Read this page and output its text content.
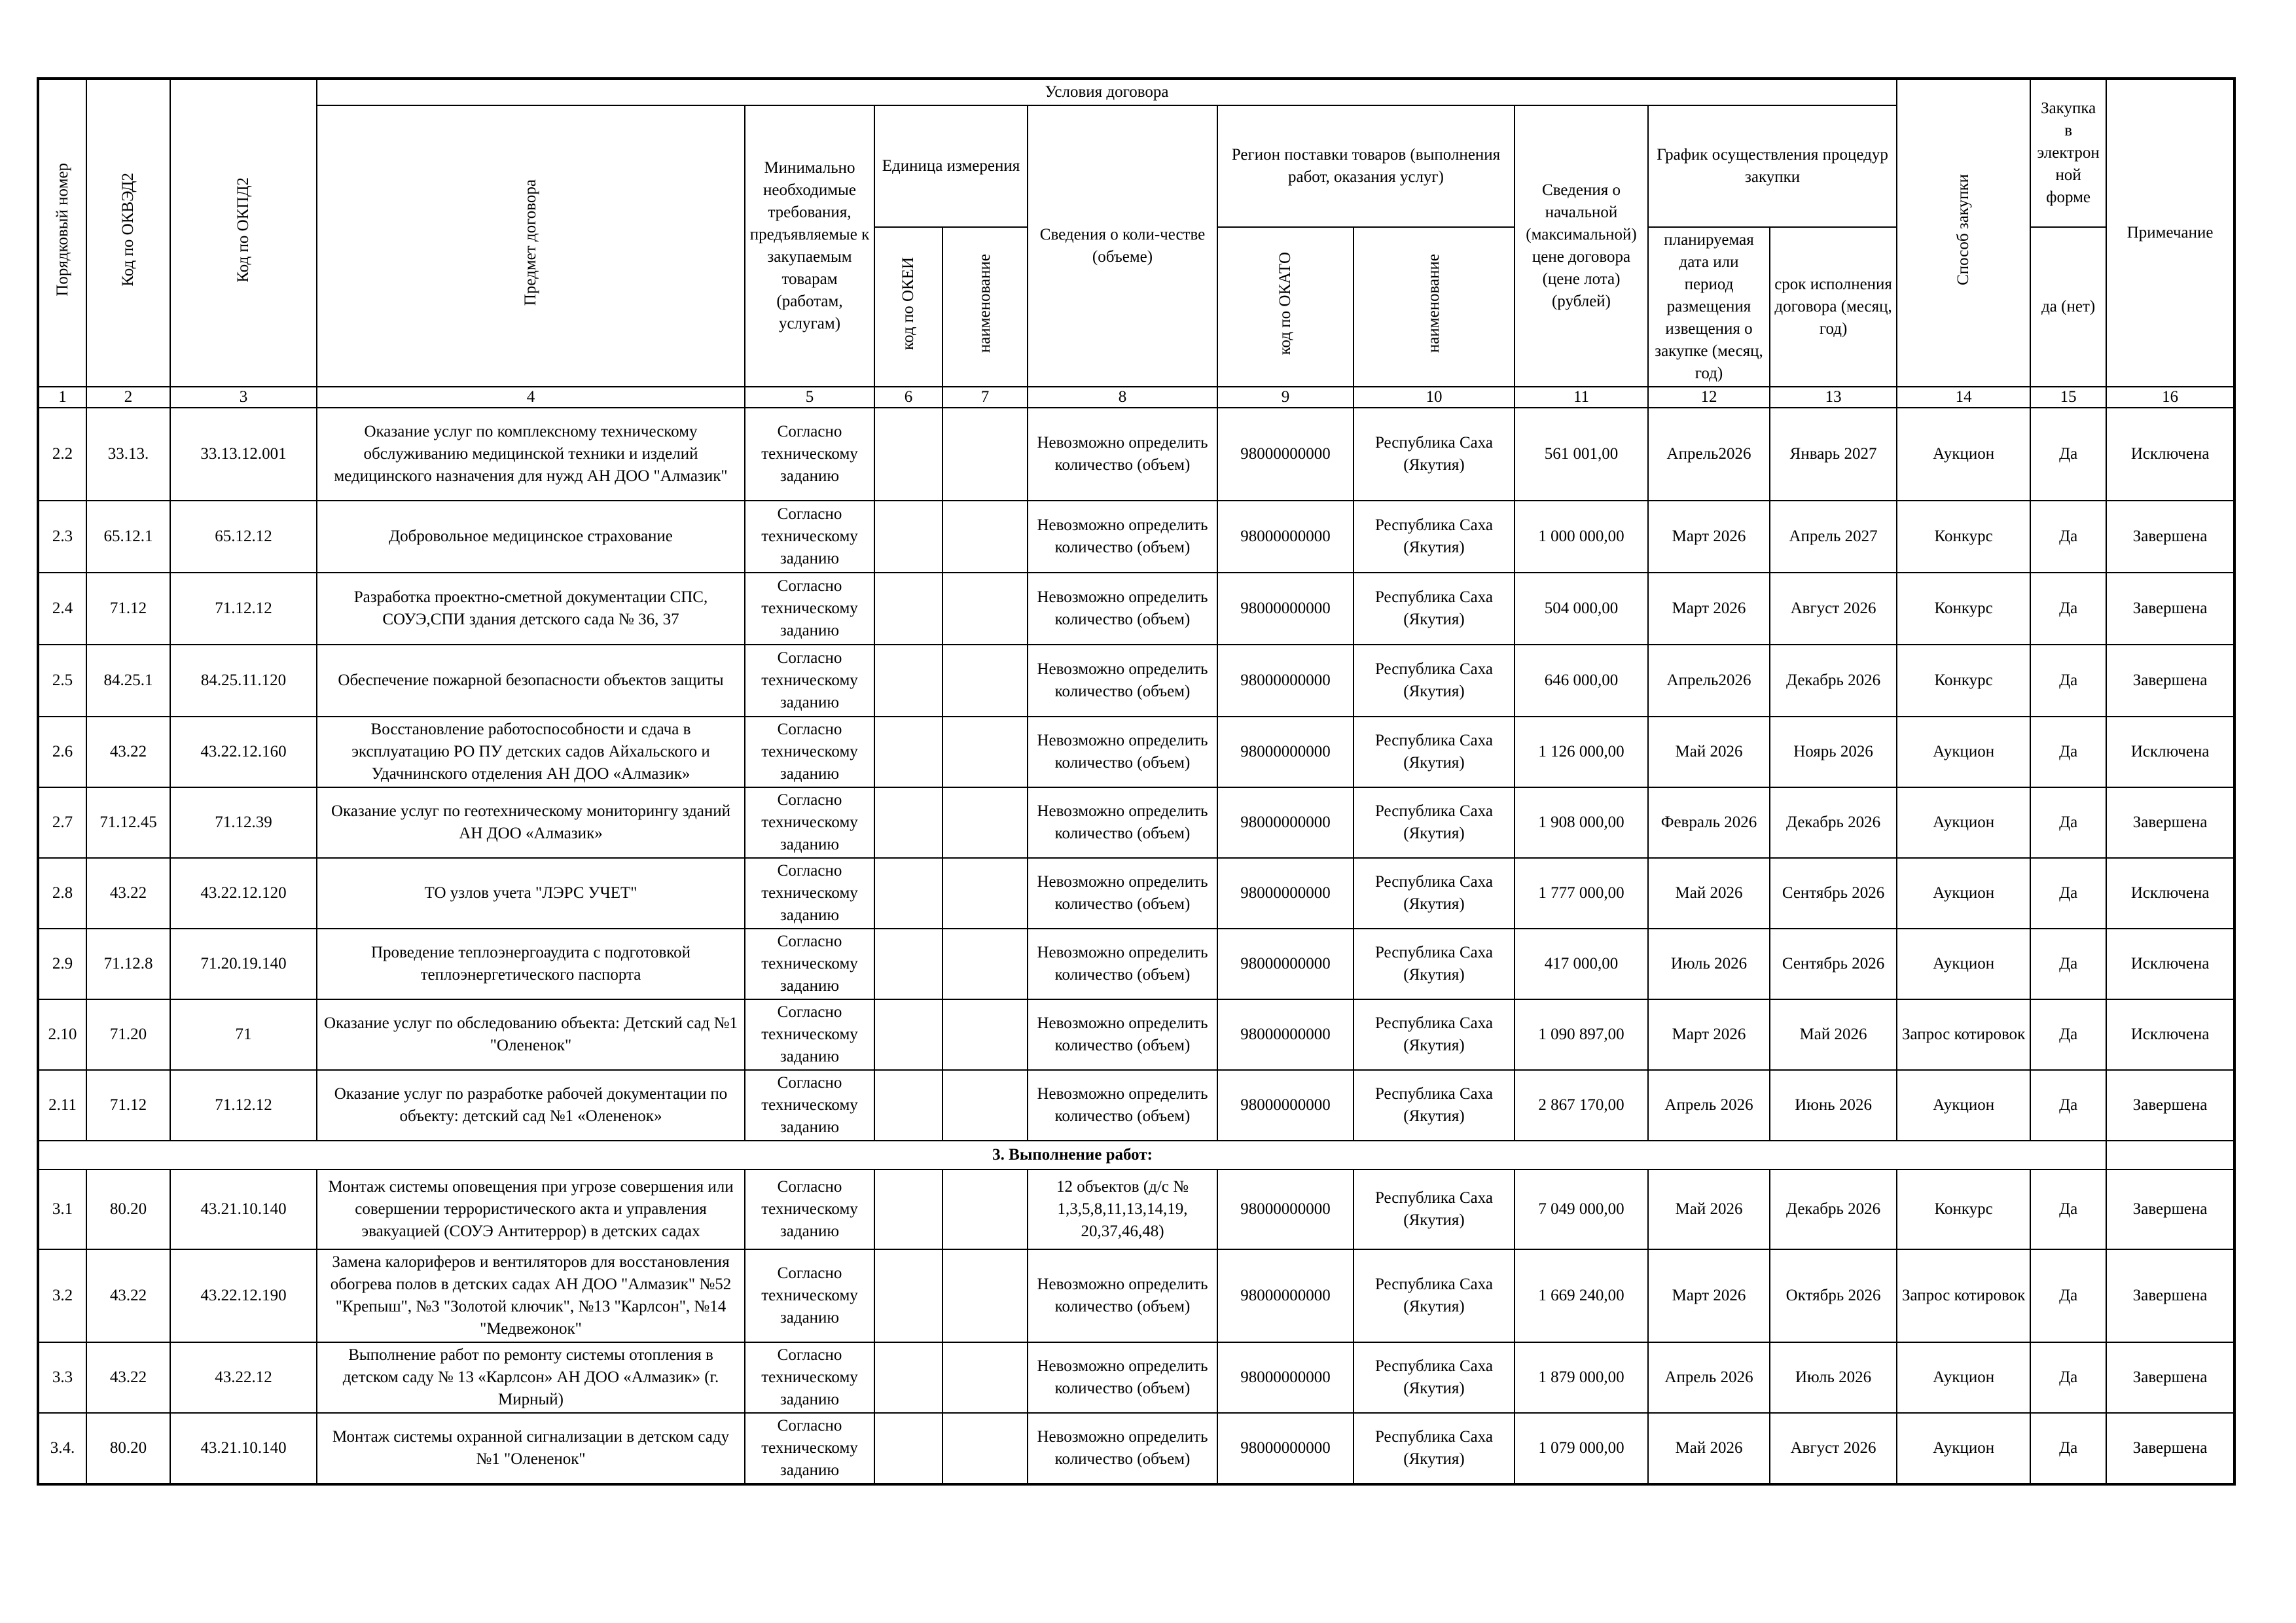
Порядковый номер	Код по ОКВЭД2	Код по ОКПД2	Условия договора										Способ закупки	Закупка в электрон ной форме	Примечание
			Предмет договора	Минимально необходимые требования, предъявляемые к закупаемым товарам (работам, услугам)	Единица измерения		Сведения о коли-честве (объеме)	Регион поставки товаров (выполнения работ, оказания услуг)		Сведения о начальной (максимальной) цене договора (цене лота) (рублей)	График осуществления процедур закупки				
					код по ОКЕИ	наименование		код по ОКАТО	наименование		планируемая дата или период размещения извещения о закупке (месяц, год)	срок исполнения договора (месяц, год)		да (нет)	

1	2	3	4	5	6	7	8	9	10	11	12	13	14	15	16
2.2	33.13.	33.13.12.001	Оказание услуг по комплексному техническому обслуживанию медицинской техники и изделий медицинского назначения для нужд АН ДОО "Алмазик"	Согласно техническому заданию			Невозможно определить количество (объем)	98000000000	Республика Саха (Якутия)	561 001,00	Апрель2026	Январь 2027	Аукцион	Да	Исключена
2.3	65.12.1	65.12.12	Добровольное медицинское страхование	Согласно техническому заданию			Невозможно определить количество (объем)	98000000000	Республика Саха (Якутия)	1 000 000,00	Март 2026	Апрель 2027	Конкурс	Да	Завершена
2.4	71.12	71.12.12	Разработка проектно-сметной документации СПС, СОУЭ,СПИ здания детского сада № 36, 37	Согласно техническому заданию			Невозможно определить количество (объем)	98000000000	Республика Саха (Якутия)	504 000,00	Март 2026	Август 2026	Конкурс	Да	Завершена
2.5	84.25.1	84.25.11.120	Обеспечение пожарной безопасности объектов защиты	Согласно техническому заданию			Невозможно определить количество (объем)	98000000000	Республика Саха (Якутия)	646 000,00	Апрель2026	Декабрь 2026	Конкурс	Да	Завершена
2.6	43.22	43.22.12.160	Восстановление работоспособности и сдача в эксплуатацию РО ПУ детских садов Айхальского и Удачнинского отделения АН ДОО «Алмазик»	Согласно техническому заданию			Невозможно определить количество (объем)	98000000000	Республика Саха (Якутия)	1 126 000,00	Май 2026	Ноярь 2026	Аукцион	Да	Исключена
2.7	71.12.45	71.12.39	Оказание услуг по геотехническому мониторингу зданий АН ДОО «Алмазик»	Согласно техническому заданию			Невозможно определить количество (объем)	98000000000	Республика Саха (Якутия)	1 908 000,00	Февраль 2026	Декабрь 2026	Аукцион	Да	Завершена
2.8	43.22	43.22.12.120	ТО узлов учета "ЛЭРС УЧЕТ"	Согласно техническому заданию			Невозможно определить количество (объем)	98000000000	Республика Саха (Якутия)	1 777 000,00	Май 2026	Сентябрь 2026	Аукцион	Да	Исключена
2.9	71.12.8	71.20.19.140	Проведение теплоэнергоаудита с подготовкой теплоэнергетического паспорта	Согласно техническому заданию			Невозможно определить количество (объем)	98000000000	Республика Саха (Якутия)	417 000,00	Июль 2026	Сентябрь 2026	Аукцион	Да	Исключена
2.10	71.20	71	Оказание услуг по обследованию объекта: Детский сад №1 "Олененок"	Согласно техническому заданию			Невозможно определить количество (объем)	98000000000	Республика Саха (Якутия)	1 090 897,00	Март 2026	Май 2026	Запрос котировок	Да	Исключена
2.11	71.12	71.12.12	Оказание услуг по разработке рабочей документации по объекту: детский сад №1 «Олененок»	Согласно техническому заданию			Невозможно определить количество (объем)	98000000000	Республика Саха (Якутия)	2 867 170,00	Апрель 2026	Июнь 2026	Аукцион	Да	Завершена
3. Выполнение работ:															
3.1	80.20	43.21.10.140	Монтаж системы оповещения при угрозе совершения или совершении террористического акта и управления эвакуацией (СОУЭ Антитеррор) в детских садах	Согласно техническому заданию			12 объектов (д/с № 1,3,5,8,11,13,14,19, 20,37,46,48)	98000000000	Республика Саха (Якутия)	7 049 000,00	Май 2026	Декабрь 2026	Конкурс	Да	Завершена
3.2	43.22	43.22.12.190	Замена калориферов и вентиляторов для восстановления обогрева полов в детских садах АН ДОО "Алмазик" №52 "Крепыш", №3 "Золотой ключик", №13 "Карлсон", №14 "Медвежонок"	Согласно техническому заданию			Невозможно определить количество (объем)	98000000000	Республика Саха (Якутия)	1 669 240,00	Март 2026	Октябрь 2026	Запрос котировок	Да	Завершена
3.3	43.22	43.22.12	Выполнение работ по ремонту системы отопления в детском саду № 13 «Карлсон» АН ДОО «Алмазик» (г. Мирный)	Согласно техническому заданию			Невозможно определить количество (объем)	98000000000	Республика Саха (Якутия)	1 879 000,00	Апрель 2026	Июль 2026	Аукцион	Да	Завершена
3.4.	80.20	43.21.10.140	Монтаж системы охранной сигнализации в детском саду №1 "Олененок"	Согласно техническому заданию			Невозможно определить количество (объем)	98000000000	Республика Саха (Якутия)	1 079 000,00	Май 2026	Август 2026	Аукцион	Да	Завершена
